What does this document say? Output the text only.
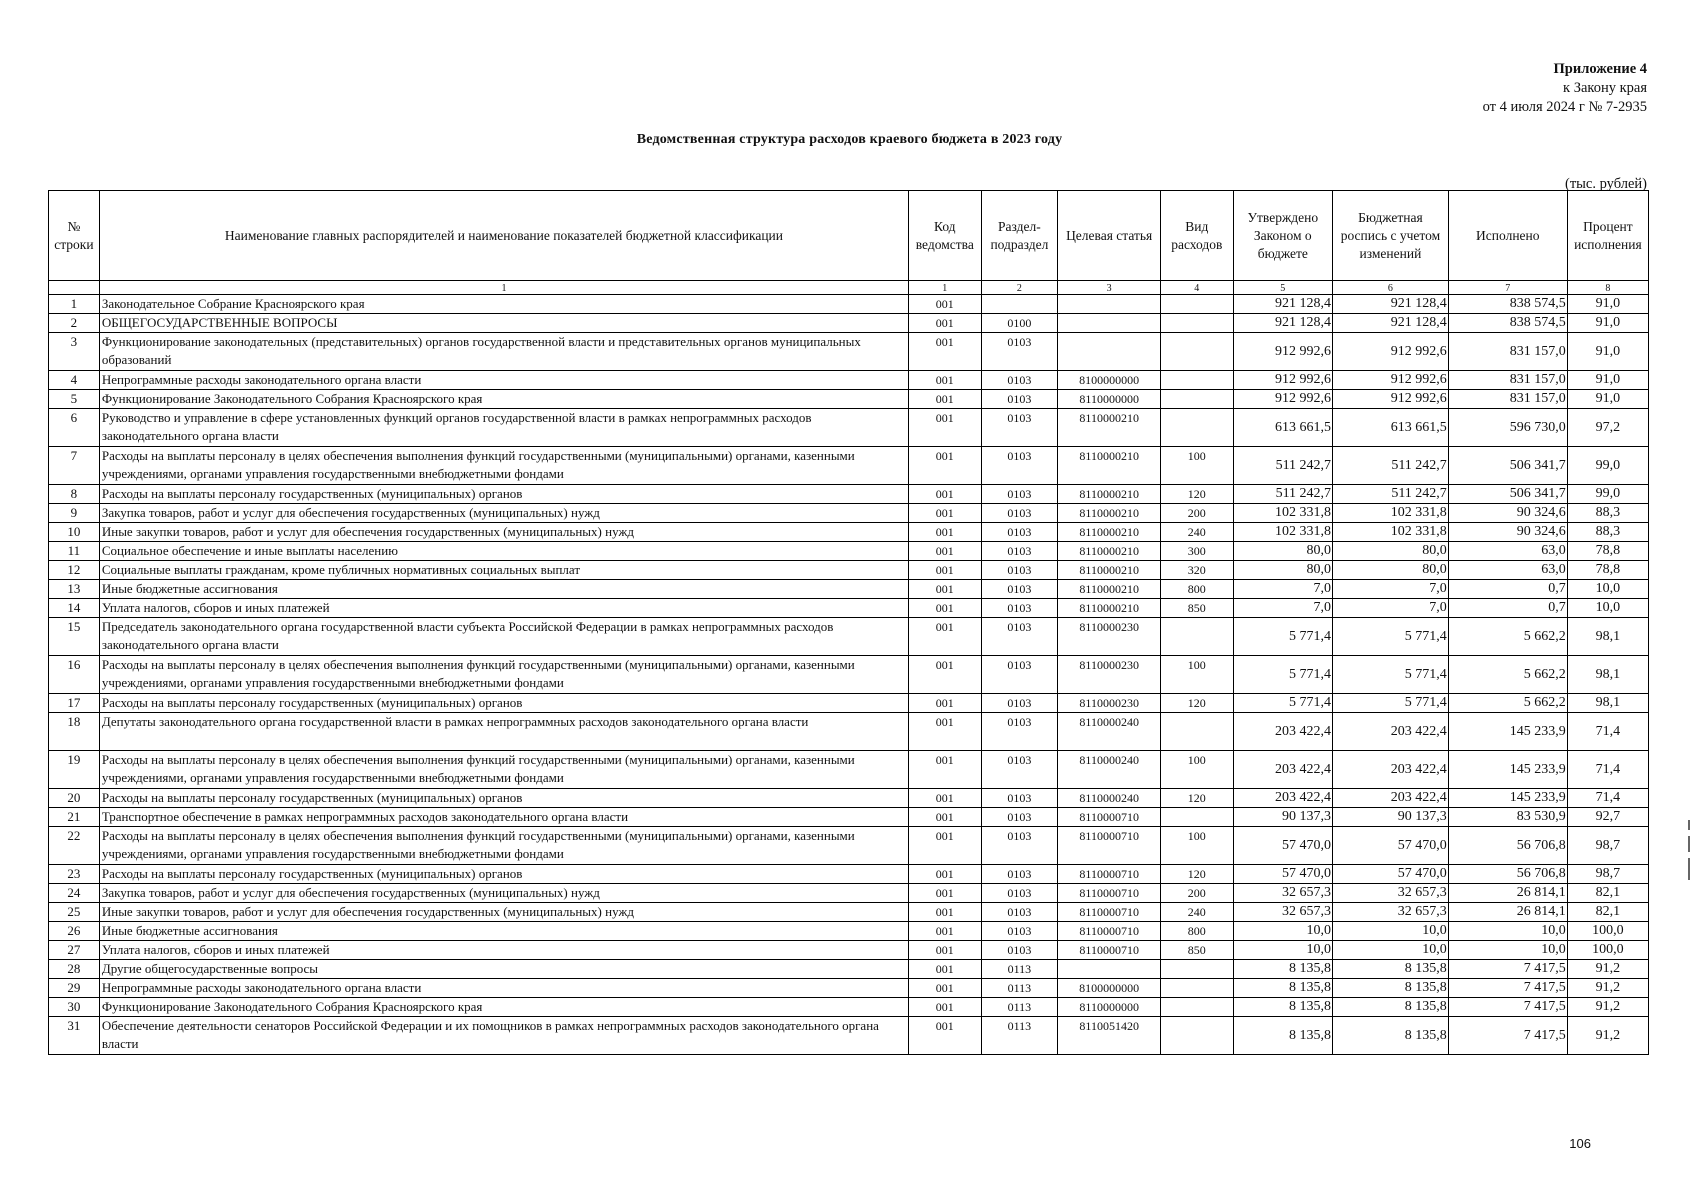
Приложение 4
к Закону края
от 4 июля 2024 г № 7-2935
Ведомственная структура расходов краевого бюджета в 2023 году
(тыс. рублей)
№ строки	Наименование главных распорядителей и наименование показателей бюджетной классификации	Код ведомства	Раздел-подраздел	Целевая статья	Вид расходов	Утверждено Законом о бюджете	Бюджетная роспись с учетом изменений	Исполнено	Процент исполнения
	1	1	2	3	4	5	6	7	8
1	Законодательное Собрание Красноярского края	001				921 128,4	921 128,4	838 574,5	91,0
2	ОБЩЕГОСУДАРСТВЕННЫЕ ВОПРОСЫ	001	0100			921 128,4	921 128,4	838 574,5	91,0
3	Функционирование законодательных (представительных) органов государственной власти и представительных органов муниципальных образований	001	0103			912 992,6	912 992,6	831 157,0	91,0
4	Непрограммные расходы законодательного органа власти	001	0103	8100000000		912 992,6	912 992,6	831 157,0	91,0
5	Функционирование Законодательного Собрания Красноярского края	001	0103	8110000000		912 992,6	912 992,6	831 157,0	91,0
6	Руководство и управление в сфере установленных функций органов государственной власти в рамках непрограммных расходов законодательного органа власти	001	0103	8110000210		613 661,5	613 661,5	596 730,0	97,2
7	Расходы на выплаты персоналу в целях обеспечения выполнения функций государственными (муниципальными) органами, казенными учреждениями, органами управления государственными внебюджетными фондами	001	0103	8110000210	100	511 242,7	511 242,7	506 341,7	99,0
8	Расходы на выплаты персоналу государственных (муниципальных) органов	001	0103	8110000210	120	511 242,7	511 242,7	506 341,7	99,0
9	Закупка товаров, работ и услуг для обеспечения государственных (муниципальных) нужд	001	0103	8110000210	200	102 331,8	102 331,8	90 324,6	88,3
10	Иные закупки товаров, работ и услуг для обеспечения государственных (муниципальных) нужд	001	0103	8110000210	240	102 331,8	102 331,8	90 324,6	88,3
11	Социальное обеспечение и иные выплаты населению	001	0103	8110000210	300	80,0	80,0	63,0	78,8
12	Социальные выплаты гражданам, кроме публичных нормативных социальных выплат	001	0103	8110000210	320	80,0	80,0	63,0	78,8
13	Иные бюджетные ассигнования	001	0103	8110000210	800	7,0	7,0	0,7	10,0
14	Уплата налогов, сборов и иных платежей	001	0103	8110000210	850	7,0	7,0	0,7	10,0
15	Председатель законодательного органа государственной власти субъекта Российской Федерации в рамках непрограммных расходов законодательного органа власти	001	0103	8110000230		5 771,4	5 771,4	5 662,2	98,1
16	Расходы на выплаты персоналу в целях обеспечения выполнения функций государственными (муниципальными) органами, казенными учреждениями, органами управления государственными внебюджетными фондами	001	0103	8110000230	100	5 771,4	5 771,4	5 662,2	98,1
17	Расходы на выплаты персоналу государственных (муниципальных) органов	001	0103	8110000230	120	5 771,4	5 771,4	5 662,2	98,1
18	Депутаты законодательного органа государственной власти в рамках непрограммных расходов законодательного органа власти	001	0103	8110000240		203 422,4	203 422,4	145 233,9	71,4
19	Расходы на выплаты персоналу в целях обеспечения выполнения функций государственными (муниципальными) органами, казенными учреждениями, органами управления государственными внебюджетными фондами	001	0103	8110000240	100	203 422,4	203 422,4	145 233,9	71,4
20	Расходы на выплаты персоналу государственных (муниципальных) органов	001	0103	8110000240	120	203 422,4	203 422,4	145 233,9	71,4
21	Транспортное обеспечение в рамках непрограммных расходов законодательного органа власти	001	0103	8110000710		90 137,3	90 137,3	83 530,9	92,7
22	Расходы на выплаты персоналу в целях обеспечения выполнения функций государственными (муниципальными) органами, казенными учреждениями, органами управления государственными внебюджетными фондами	001	0103	8110000710	100	57 470,0	57 470,0	56 706,8	98,7
23	Расходы на выплаты персоналу государственных (муниципальных) органов	001	0103	8110000710	120	57 470,0	57 470,0	56 706,8	98,7
24	Закупка товаров, работ и услуг для обеспечения государственных (муниципальных) нужд	001	0103	8110000710	200	32 657,3	32 657,3	26 814,1	82,1
25	Иные закупки товаров, работ и услуг для обеспечения государственных (муниципальных) нужд	001	0103	8110000710	240	32 657,3	32 657,3	26 814,1	82,1
26	Иные бюджетные ассигнования	001	0103	8110000710	800	10,0	10,0	10,0	100,0
27	Уплата налогов, сборов и иных платежей	001	0103	8110000710	850	10,0	10,0	10,0	100,0
28	Другие общегосударственные вопросы	001	0113			8 135,8	8 135,8	7 417,5	91,2
29	Непрограммные расходы законодательного органа власти	001	0113	8100000000		8 135,8	8 135,8	7 417,5	91,2
30	Функционирование Законодательного Собрания Красноярского края	001	0113	8110000000		8 135,8	8 135,8	7 417,5	91,2
31	Обеспечение деятельности сенаторов Российской Федерации и их помощников в рамках непрограммных расходов законодательного органа власти	001	0113	8110051420		8 135,8	8 135,8	7 417,5	91,2
106
